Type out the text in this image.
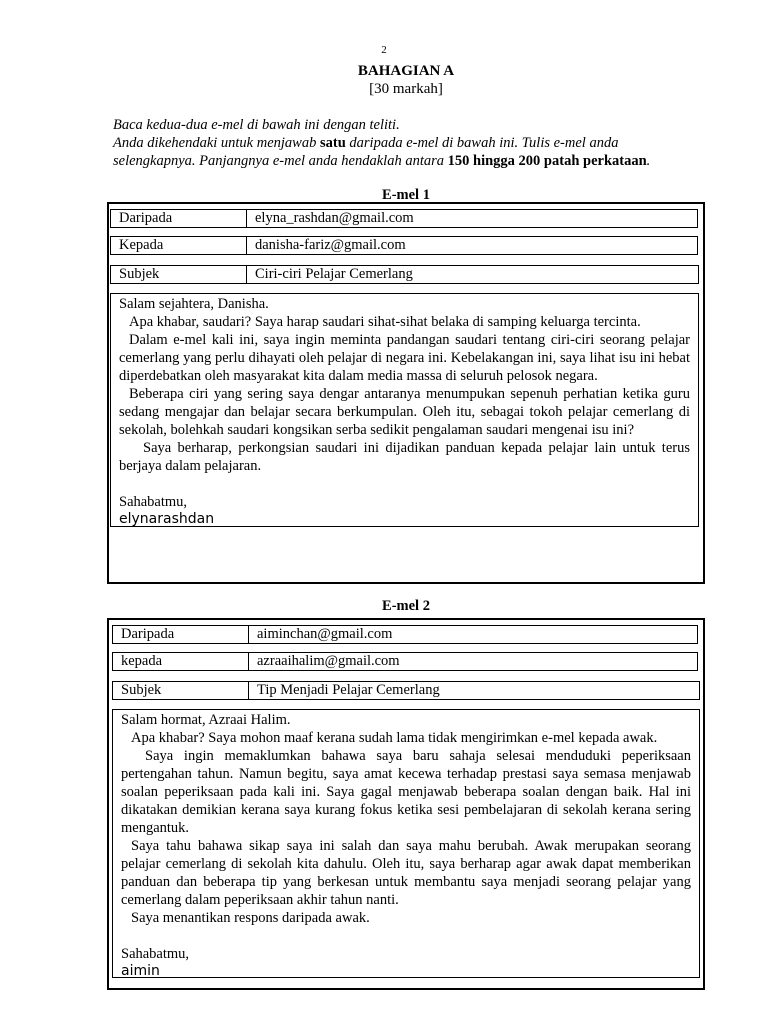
2
BAHAGIAN A
[30 markah]
Baca kedua-dua e-mel di bawah ini dengan teliti.
Anda dikehendaki untuk menjawab satu daripada e-mel di bawah ini. Tulis e-mel anda selengkapnya. Panjangnya e-mel anda hendaklah antara 150 hingga 200 patah perkataan.
E-mel 1
Daripada	elyna_rashdan@gmail.com
Kepada	danisha-fariz@gmail.com
Subjek	Ciri-ciri Pelajar Cemerlang

Salam sejahtera, Danisha.

Apa khabar, saudari? Saya harap saudari sihat-sihat belaka di samping keluarga tercinta.

Dalam e-mel kali ini, saya ingin meminta pandangan saudari tentang ciri-ciri seorang pelajar cemerlang yang perlu dihayati oleh pelajar di negara ini. Kebelakangan ini, saya lihat isu ini hebat diperdebatkan oleh masyarakat kita dalam media massa di seluruh pelosok negara.

Beberapa ciri yang sering saya dengar antaranya menumpukan sepenuh perhatian ketika guru sedang mengajar dan belajar secara berkumpulan. Oleh itu, sebagai tokoh pelajar cemerlang di sekolah, bolehkah saudari kongsikan serba sedikit pengalaman saudari mengenai isu ini?

Saya berharap, perkongsian saudari ini dijadikan panduan kepada pelajar lain untuk terus berjaya dalam pelajaran.

Sahabatmu,

elynarashdan

E-mel 2
Daripada	aiminchan@gmail.com
kepada	azraaihalim@gmail.com
Subjek	Tip Menjadi Pelajar Cemerlang

Salam hormat, Azraai Halim.

Apa khabar? Saya mohon maaf kerana sudah lama tidak mengirimkan e-mel kepada awak.

Saya ingin memaklumkan bahawa saya baru sahaja selesai menduduki peperiksaan pertengahan tahun. Namun begitu, saya amat kecewa terhadap prestasi saya semasa menjawab soalan peperiksaan pada kali ini. Saya gagal menjawab beberapa soalan dengan baik. Hal ini dikatakan demikian kerana saya kurang fokus ketika sesi pembelajaran di sekolah kerana sering mengantuk.

Saya tahu bahawa sikap saya ini salah dan saya mahu berubah. Awak merupakan seorang pelajar cemerlang di sekolah kita dahulu. Oleh itu, saya berharap agar awak dapat memberikan panduan dan beberapa tip yang berkesan untuk membantu saya menjadi seorang pelajar yang cemerlang dalam peperiksaan akhir tahun nanti.

Saya menantikan respons daripada awak.

Sahabatmu,

aimin
